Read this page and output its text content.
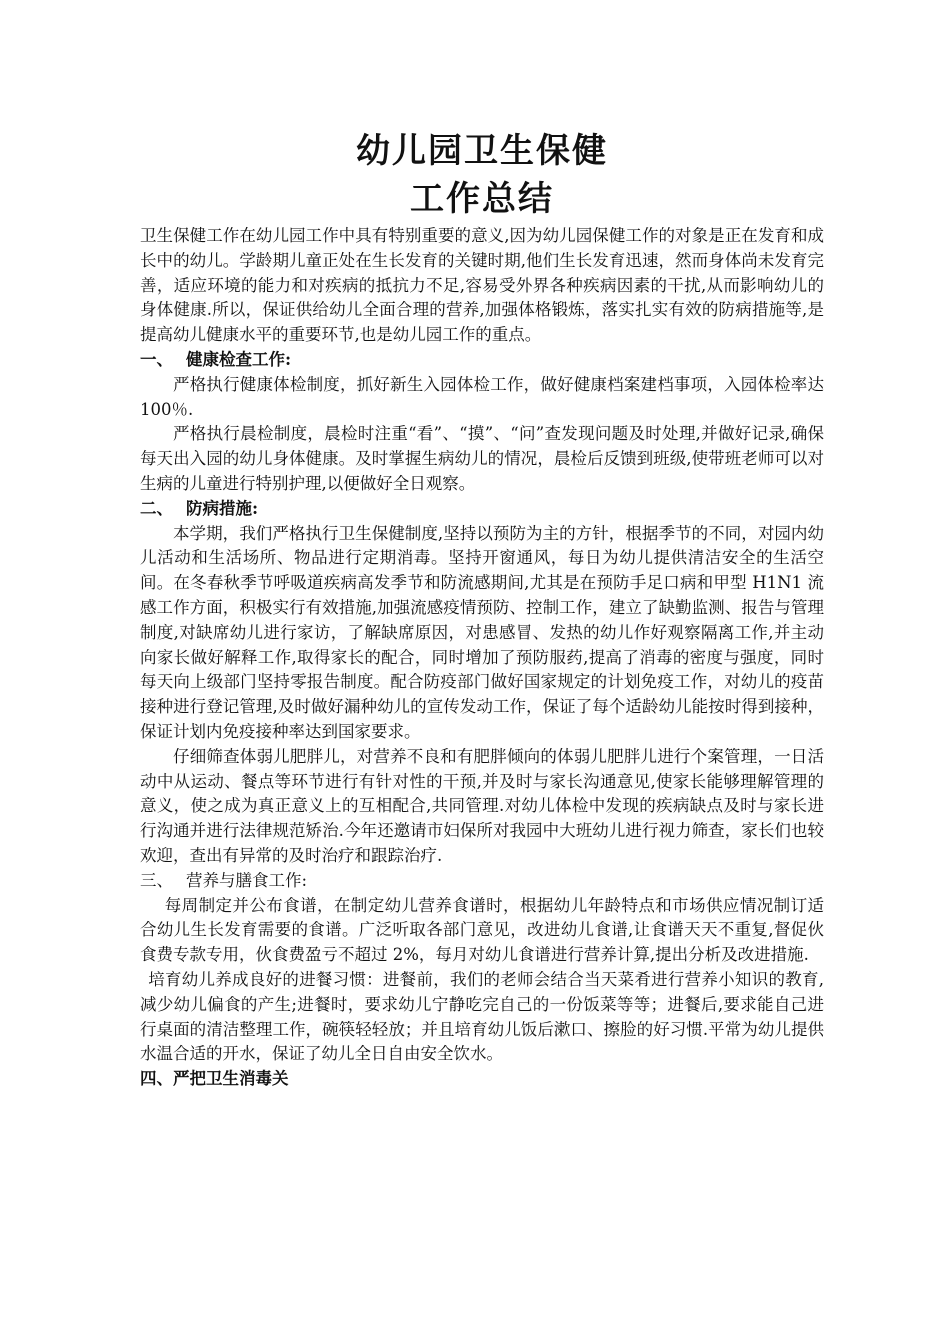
幼儿园卫生保健
工作总结

卫生保健工作在幼儿园工作中具有特别重要的意义,因为幼儿园保健工作的对象是正在发育和成长中的幼儿。学龄期儿童正处在生长发育的关键时期,他们生长发育迅速，然而身体尚未发育完善，适应环境的能力和对疾病的抵抗力不足,容易受外界各种疾病因素的干扰,从而影响幼儿的身体健康.所以，保证供给幼儿全面合理的营养,加强体格锻炼，落实扎实有效的防病措施等,是提高幼儿健康水平的重要环节,也是幼儿园工作的重点。

一、 健康检查工作:

严格执行健康体检制度，抓好新生入园体检工作，做好健康档案建档事项，入园体检率达 100％.

严格执行晨检制度，晨检时注重“看”、“摸”、“问”查发现问题及时处理,并做好记录,确保每天出入园的幼儿身体健康。及时掌握生病幼儿的情况，晨检后反馈到班级,使带班老师可以对生病的儿童进行特别护理,以便做好全日观察。

二、 防病措施:

本学期，我们严格执行卫生保健制度,坚持以预防为主的方针，根据季节的不同，对园内幼儿活动和生活场所、物品进行定期消毒。坚持开窗通风，每日为幼儿提供清洁安全的生活空间。在冬春秋季节呼吸道疾病高发季节和防流感期间,尤其是在预防手足口病和甲型 H1N1 流感工作方面，积极实行有效措施,加强流感疫情预防、控制工作，建立了缺勤监测、报告与管理制度,对缺席幼儿进行家访，了解缺席原因，对患感冒、发热的幼儿作好观察隔离工作,并主动向家长做好解释工作,取得家长的配合，同时增加了预防服药,提高了消毒的密度与强度，同时每天向上级部门坚持零报告制度。配合防疫部门做好国家规定的计划免疫工作，对幼儿的疫苗接种进行登记管理,及时做好漏种幼儿的宣传发动工作，保证了每个适龄幼儿能按时得到接种，保证计划内免疫接种率达到国家要求。

仔细筛查体弱儿肥胖儿，对营养不良和有肥胖倾向的体弱儿肥胖儿进行个案管理，一日活动中从运动、餐点等环节进行有针对性的干预,并及时与家长沟通意见,使家长能够理解管理的意义，使之成为真正意义上的互相配合,共同管理.对幼儿体检中发现的疾病缺点及时与家长进行沟通并进行法律规范矫治.今年还邀请市妇保所对我园中大班幼儿进行视力筛查，家长们也较欢迎，查出有异常的及时治疗和跟踪治疗.

三、 营养与膳食工作:

每周制定并公布食谱，在制定幼儿营养食谱时，根据幼儿年龄特点和市场供应情况制订适合幼儿生长发育需要的食谱。广泛听取各部门意见，改进幼儿食谱,让食谱天天不重复,督促伙食费专款专用，伙食费盈亏不超过 2%，每月对幼儿食谱进行营养计算,提出分析及改进措施.

培育幼儿养成良好的进餐习惯：进餐前，我们的老师会结合当天菜肴进行营养小知识的教育,减少幼儿偏食的产生;进餐时，要求幼儿宁静吃完自己的一份饭菜等等；进餐后,要求能自己进行桌面的清洁整理工作，碗筷轻轻放；并且培育幼儿饭后漱口、擦脸的好习惯.平常为幼儿提供水温合适的开水，保证了幼儿全日自由安全饮水。

四、严把卫生消毒关
